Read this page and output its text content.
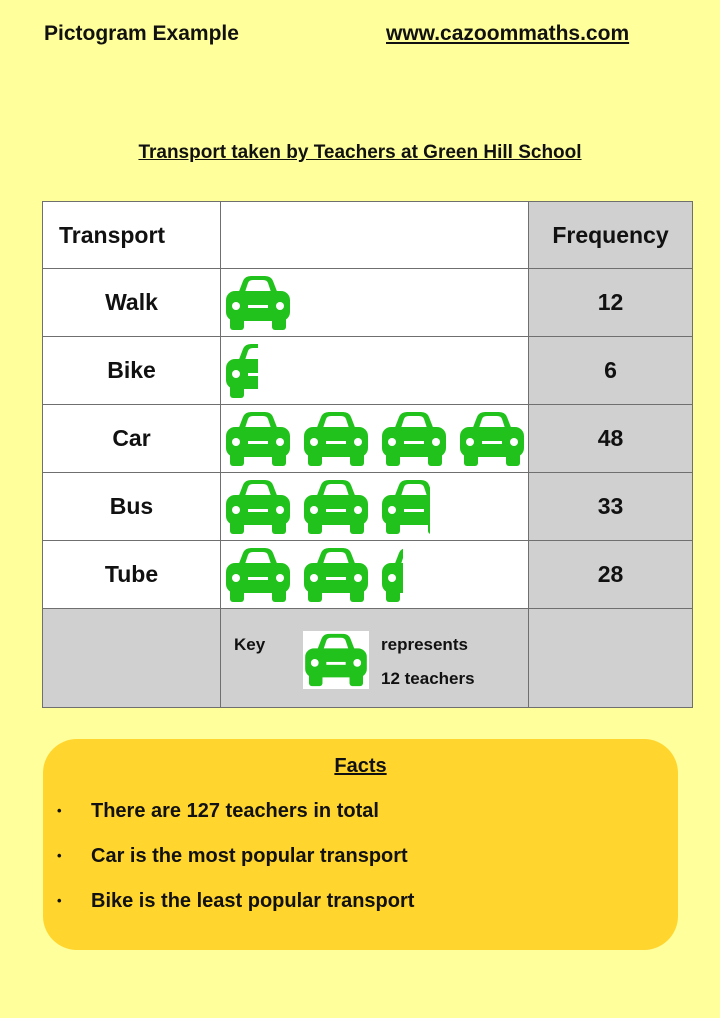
Pictogram Example	www.cazoommaths.com
Transport taken by Teachers at Green Hill School
Transport		Frequency
Walk		12
Bike		6
Car		48
Bus		33
Tube		28

	Key represents
12 teachers	

Facts
• There are 127 teachers in total
• Car is the most popular transport
• Bike is the least popular transport
